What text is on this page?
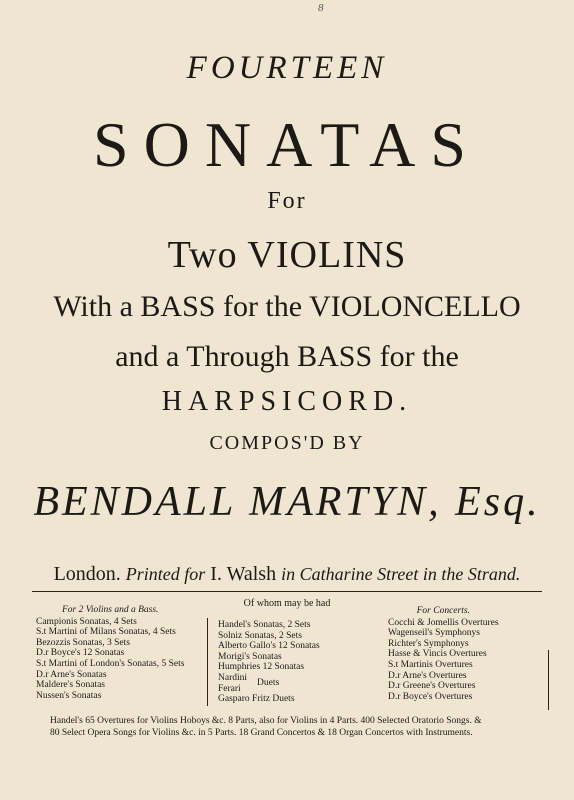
8
FOURTEEN
SONATAS
For
Two VIOLINS
With a BASS for the VIOLONCELLO
and a Through BASS for the
HARPSICORD.
COMPOS'D BY
BENDALL MARTYN, Esq.
London. Printed for I. Walsh in Catharine Street in the Strand.
Of whom may be had
For 2 Violins and a Bass.
Campionis Sonatas, 4 Sets
S.t Martini of Milans Sonatas, 4 Sets
Bezozzis Sonatas, 3 Sets
D.r Boyce's 12 Sonatas
S.t Martini of London's Sonatas, 5 Sets
D.r Arne's Sonatas
Maldere's Sonatas
Nussen's Sonatas
Handel's Sonatas, 2 Sets
Solniz Sonatas, 2 Sets
Alberto Gallo's 12 Sonatas
Morigi's Sonatas
Humphries 12 Sonatas
Nardini
Ferari
Duets
Gasparo Fritz Duets
For Concerts.
Cocchi & Jomellis Overtures
Wagenseil's Symphonys
Richter's Symphonys
Hasse & Vincis Overtures
S.t Martinis Overtures
D.r Arne's Overtures
D.r Greene's Overtures
D.r Boyce's Overtures
Handel's 65 Overtures for Violins Hoboys &c. 8 Parts, also for Violins in 4 Parts. 400 Selected Oratorio Songs. &
80 Select Opera Songs for Violins &c. in 5 Parts. 18 Grand Concertos & 18 Organ Concertos with Instruments.
